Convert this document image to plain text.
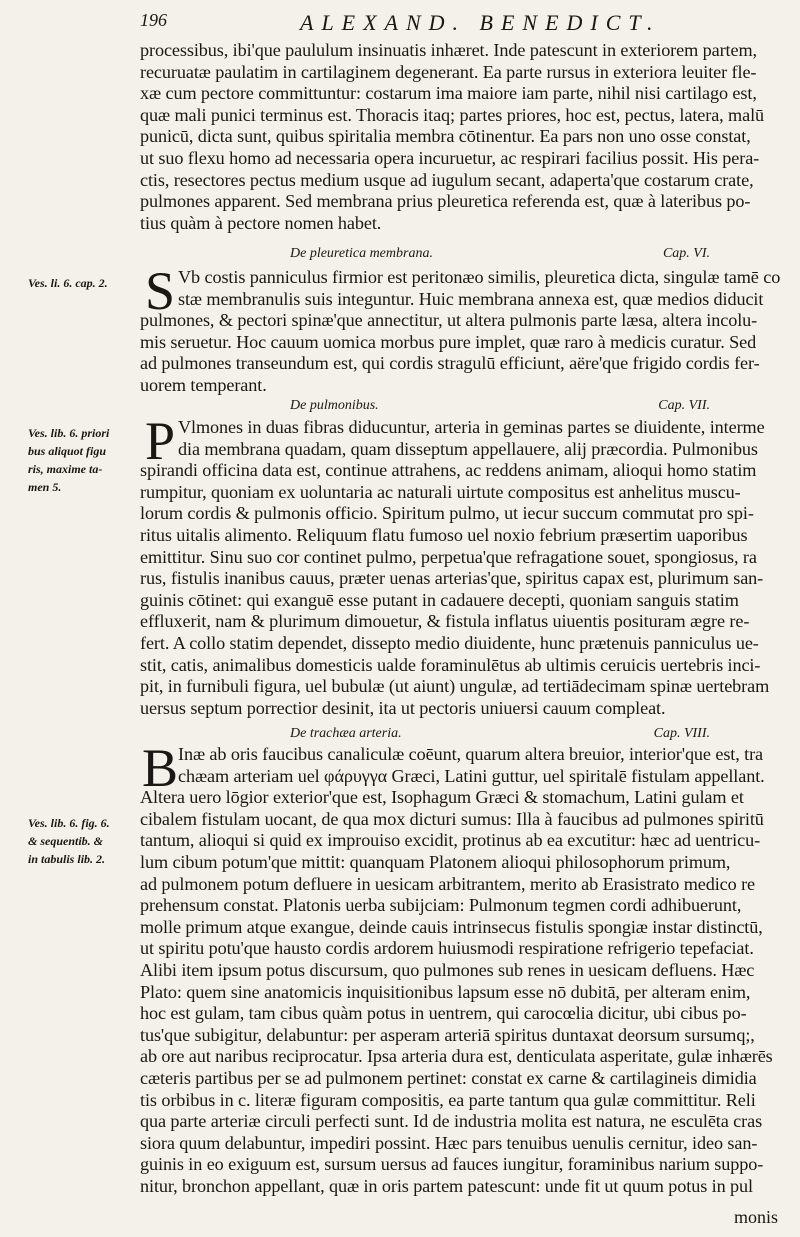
196	ALEXAND. BENEDICT.
processibus, ibi'que paululum insinuatis inhæret. Inde patescunt in exteriorem partem,
recuruatæ paulatim in cartilaginem degenerant. Ea parte rursus in exteriora leuiter fle-
xæ cum pectore committuntur: costarum ima maiore iam parte, nihil nisi cartilago est,
quæ mali punici terminus est. Thoracis itaq; partes priores, hoc est, pectus, latera, malū
punicū, dicta sunt, quibus spiritalia membra cōtinentur. Ea pars non uno osse constat,
ut suo flexu homo ad necessaria opera incuruetur, ac respirari facilius possit. His pera-
ctis, resectores pectus medium usque ad iugulum secant, adaperta'que costarum crate,
pulmones apparent. Sed membrana prius pleuretica referenda est, quæ à lateribus po-
tius quàm à pectore nomen habet.
De pleuretica membrana.	Cap. VI.
Ves. li. 6. cap. 2. S Vb costis panniculus firmior est peritonæo similis, pleuretica dicta, singulæ tamē co
stæ membranulis suis integuntur. Huic membrana annexa est, quæ medios diducit
pulmones, & pectori spinæ'que annectitur, ut altera pulmonis parte læsa, altera incolu-
mis seruetur. Hoc cauum uomica morbus pure implet, quæ raro à medicis curatur. Sed
ad pulmones transeundum est, qui cordis stragulū efficiunt, aëre'que frigido cordis fer-
uorem temperant.
De pulmonibus.	Cap. VII.
Ves. lib. 6. priori
bus aliquot figu
ris, maxime ta-
men 5.
P Vlmones in duas fibras diducuntur, arteria in geminas partes se diuidente, interme
dia membrana quadam, quam disseptum appellauere, alij præcordia. Pulmonibus
spirandi officina data est, continue attrahens, ac reddens animam, alioqui homo statim
rumpitur, quoniam ex uoluntaria ac naturali uirtute compositus est anhelitus muscu-
lorum cordis & pulmonis officio. Spiritum pulmo, ut iecur succum commutat pro spi-
ritus uitalis alimento. Reliquum flatu fumoso uel noxio febrium præsertim uaporibus
emittitur. Sinu suo cor continet pulmo, perpetua'que refragatione souet, spongiosus, ra
rus, fistulis inanibus cauus, præter uenas arterias'que, spiritus capax est, plurimum san-
guinis cōtinet: qui exanguē esse putant in cadauere decepti, quoniam sanguis statim
effluxerit, nam & plurimum dimouetur, & fistula inflatus uiuentis posituram ægre re-
fert. A collo statim dependet, dissepto medio diuidente, hunc prætenuis panniculus ue-
stit, catis, animalibus domesticis ualde foraminulētus ab ultimis ceruicis uertebris inci-
pit, in furnibuli figura, uel bubulæ (ut aiunt) ungulæ, ad tertiādecimam spinæ uertebram
uersus septum porrectior desinit, ita ut pectoris uniuersi cauum compleat.
De trachæa arteria.	Cap. VIII.
Ves. lib. 6. fig. 6.
& sequentib. &
in tabulis lib. 2.
B Inæ ab oris faucibus canaliculæ coēunt, quarum altera breuior, interior'que est, tra
chæam arteriam uel φάρυγγα Græci, Latini guttur, uel spiritalē fistulam appellant.
Altera uero lōgior exterior'que est, Isophagum Græci & stomachum, Latini gulam et
cibalem fistulam uocant, de qua mox dicturi sumus: Illa à faucibus ad pulmones spiritū
tantum, alioqui si quid ex improuiso excidit, protinus ab ea excutitur: hæc ad uentricu-
lum cibum potum'que mittit: quanquam Platonem alioqui philosophorum primum,
ad pulmonem potum defluere in uesicam arbitrantem, merito ab Erasistrato medico re
prehensum constat. Platonis uerba subijciam: Pulmonum tegmen cordi adhibuerunt,
molle primum atque exangue, deinde cauis intrinsecus fistulis spongiæ instar distinctū,
ut spiritu potu'que hausto cordis ardorem huiusmodi respiratione refrigerio tepefaciat.
Alibi item ipsum potus discursum, quo pulmones sub renes in uesicam defluens. Hæc
Plato: quem sine anatomicis inquisitionibus lapsum esse nō dubitā, per alteram enim,
hoc est gulam, tam cibus quàm potus in uentrem, qui carocœlia dicitur, ubi cibus po-
tus'que subigitur, delabuntur: per asperam arteriā spiritus duntaxat deorsum sursumq;,
ab ore aut naribus reciprocatur. Ipsa arteria dura est, denticulata asperitate, gulæ inhærēs
cæteris partibus per se ad pulmonem pertinet: constat ex carne & cartilagineis dimidia
tis orbibus in c. literæ figuram compositis, ea parte tantum qua gulæ committitur. Reli
qua parte arteriæ circuli perfecti sunt. Id de industria molita est natura, ne esculēta cras
siora quum delabuntur, impediri possint. Hæc pars tenuibus uenulis cernitur, ideo san-
guinis in eo exiguum est, sursum uersus ad fauces iungitur, foraminibus narium suppo-
nitur, bronchon appellant, quæ in oris partem patescunt: unde fit ut quum potus in pul
monis
